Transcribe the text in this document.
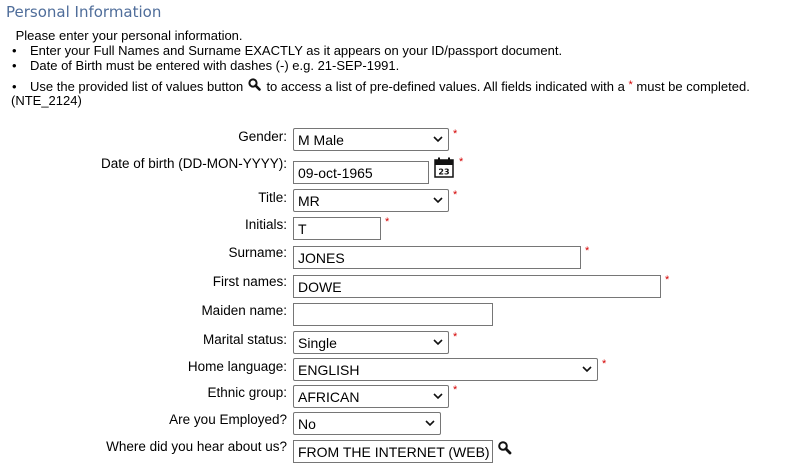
Personal Information
Please enter your personal information.
• Enter your Full Names and Surname EXACTLY as it appears on your ID/passport document.
• Date of Birth must be entered with dashes (-) e.g. 21-SEP-1991.
• Use the provided list of values button to access a list of pre-defined values. All fields indicated with a * must be completed.
(NTE_2124)
Gender: M Male	*
Date of birth (DD-MON-YYYY):
09-oct-1965	23
*
Title: MR	*
Initials: T	*
Surname: JONES	*
First names: DOWE	*
Maiden name:
Marital status: Single	*
Home language: ENGLISH	*
Ethnic group: AFRICAN	*
Are you Employed? No
Where did you hear about us? FROM THE INTERNET (WEB)
